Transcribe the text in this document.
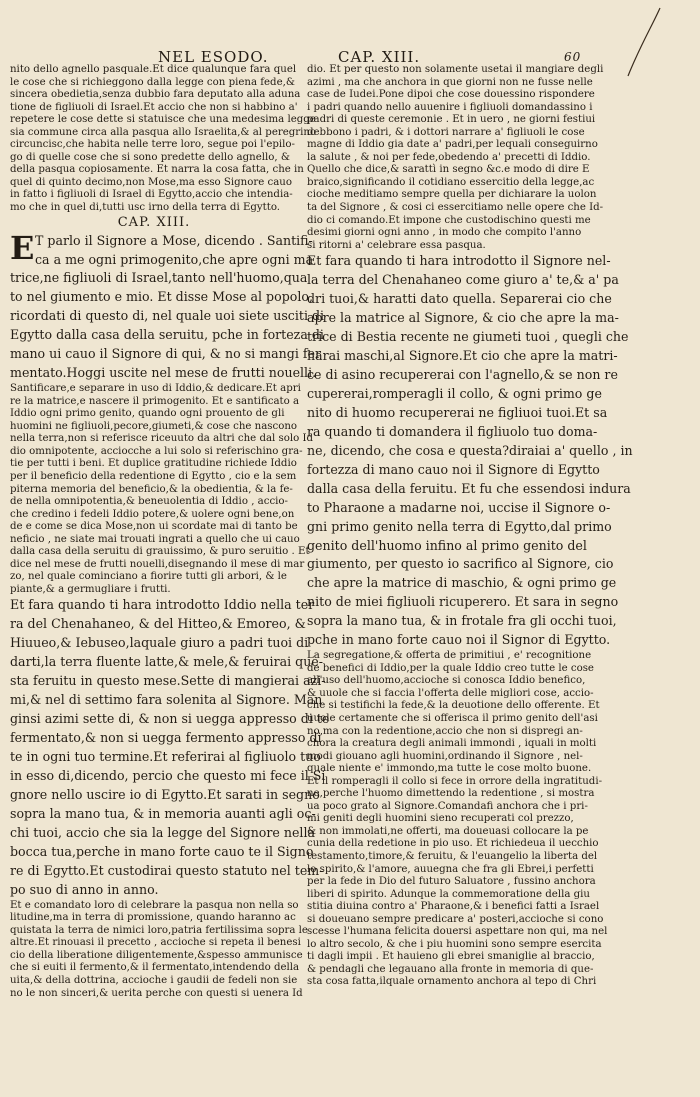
NEL ESODO.	CAP. XIII.	60

nito dello agnello pasquale.Et dice qualunque fara quel
le cose che si richieggono dalla legge con piena fede,&
sincera obedietia,senza dubbio fara deputato alla aduna
tione de figliuoli di Israel.Et accio che non si habbino a'
repetere le cose dette si statuisce che una medesima legge
sia commune circa alla pasqua allo Israelita,& al peregrino
circuncisc,che habita nelle terre loro, segue poi l'epilo-
go di quelle cose che si sono predette dello agnello, &
della pasqua copiosamente. Et narra la cosa fatta, che in
quel di quinto decimo,non Mose,ma esso Signore cauo
in fatto i figliuoli di Israel di Egytto,accio che intendia-
mo che in quel di,tutti usc irno della terra di Egytto.

CAP. XIII.
E T parlo il Signore a Mose, dicendo . Santifi-
ca a me ogni primogenito,che apre ogni ma

trice,ne figliuoli di Israel,tanto nell'huomo,qua
to nel giumento e mio. Et disse Mose al popolo,
ricordati di questo di, nel quale uoi siete usciti di
Egytto dalla casa della seruitu, pche in forteza di
mano ui cauo il Signore di qui, & no si mangi fer
mentato.Hoggi uscite nel mese de frutti nouelli.

Santificare,e separare in uso di Iddio,& dedicare.Et apri
re la matrice,e nascere il primogenito. Et e santificato a
Iddio ogni primo genito, quando ogni prouento de gli
huomini ne figliuoli,pecore,giumeti,& cose che nascono
nella terra,non si referisce riceuuto da altri che dal solo Id
dio omnipotente, acciocche a lui solo si referischino gra-
tie per tutti i beni. Et duplice gratitudine richiede Iddio
per il beneficio della redentione di Egytto , cio e la sem
piterna memoria del beneficio,& la obedientia, & la fe-
de nella omnipotentia,& beneuolentia di Iddio , accio-
che credino i fedeli Iddio potere,& uolere ogni bene,on
de e come se dica Mose,non ui scordate mai di tanto be
neficio , ne siate mai trouati ingrati a quello che ui cauo
dalla casa della seruitu di grauissimo, & puro seruitio . Et
dice nel mese de frutti nouelli,disegnando il mese di mar
zo, nel quale cominciano a fiorire tutti gli arbori, & le
piante,& a germugliare i frutti.

Et fara quando ti hara introdotto Iddio nella ter
ra del Chenahaneo, & del Hitteo,& Emoreo, &
Hiuueo,& Iebuseo,laquale giuro a padri tuoi di
darti,la terra fluente latte,& mele,& feruirai que-
sta feruitu in questo mese.Sette di mangierai azi-
mi,& nel di settimo fara solenita al Signore. Man
ginsi azimi sette di, & non si uegga appresso di te
fermentato,& non si uegga fermento appresso di
te in ogni tuo termine.Et referirai al figliuolo tuo
in esso di,dicendo, percio che questo mi fece il Si
gnore nello uscire io di Egytto.Et sarati in segno
sopra la mano tua, & in memoria auanti agli oc-
chi tuoi, accio che sia la legge del Signore nella
bocca tua,perche in mano forte cauo te il Signo
re di Egytto.Et custodirai questo statuto nel tem-
po suo di anno in anno.

Et e comandato loro di celebrare la pasqua non nella so
litudine,ma in terra di promissione, quando haranno ac
quistata la terra de nimici loro,patria fertilissima sopra le
altre.Et rinouasi il precetto , accioche si repeta il benesi
cio della liberatione diligentemente,&spesso ammunisce
che si euiti il fermento,& il fermentato,intendendo della
uita,& della dottrina, accioche i gaudii de fedeli non sie
no le non sinceri,& uerita perche con questi si uenera Id

dio. Et per questo non solamente usetai il mangiare degli
azimi , ma che anchora in que giorni non ne fusse nelle
case de Iudei.Pone dipoi che cose douessino rispondere
i padri quando nello auuenire i figliuoli domandassino i
padri di queste ceremonie . Et in uero , ne giorni festiui
debbono i padri, & i dottori narrare a' figliuoli le cose
magne di Iddio gia date a' padri,per lequali conseguirno
la salute , & noi per fede,obedendo a' precetti di Iddio.
Quello che dice,& sarattì in segno &c.e modo di dire E
braico,significando il cotidiano essercitio della legge,ac
cioche meditiamo sempre quella per dichiarare la uolon
ta del Signore , & cosi ci essercitiamo nelle opere che Id-
dio ci comando.Et impone che custodischino questi me
desimi giorni ogni anno , in modo che compito l'anno
si ritorni a' celebrare essa pasqua.

Et fara quando ti hara introdotto il Signore nel-
la terra del Chenahaneo come giuro a' te,& a' pa
dri tuoi,& haratti dato quella. Separerai cio che
apre la matrice al Signore, & cio che apre la ma-
trice di Bestia recente ne giumeti tuoi , quegli che
harai maschi,al Signore.Et cio che apre la matri-
ce di asino recupererai con l'agnello,& se non re
cupererai,romperagli il collo, & ogni primo ge
nito di huomo recupererai ne figliuoi tuoi.Et sa
ra quando ti domandera il figliuolo tuo doma-
ne, dicendo, che cosa e questa?diraiai a' quello , in
fortezza di mano cauo noi il Signore di Egytto
dalla casa della feruitu. Et fu che essendosi indura
to Pharaone a madarne noi, uccise il Signore o-
gni primo genito nella terra di Egytto,dal primo
genito dell'huomo infino al primo genito del
giumento, per questo io sacrifico al Signore, cio
che apre la matrice di maschio, & ogni primo ge
nito de miei figliuoli ricuperero. Et sara in segno
sopra la mano tua, & in frotale fra gli occhi tuoi,
pche in mano forte cauo noi il Signor di Egytto.

La segregatione,& offerta de primitiui , e' recognitione
de benefici di Iddio,per la quale Iddio creo tutte le cose
all'uso dell'huomo,accioche si conosca Iddio benefico,
& uuole che si faccia l'offerta delle migliori cose, accio-
che si testifichi la fede,& la deuotione dello offerente. Et
uuole certamente che si offerisca il primo genito dell'asi
no,ma con la redentione,accio che non si dispregi an-
chora la creatura degli animali immondi , iquali in molti
modi giouano agli huomini,ordinando il Signore , nel-
quale niente e' immondo,ma tutte le cose molto buone.
Et il romperagli il collo si fece in orrore della ingratitudi-
ne,perche l'huomo dimettendo la redentione , si mostra
ua poco grato al Signore.Comandafi anchora che i pri-
mi geniti degli huomini sieno recuperati col prezzo,
& non immolati,ne offerti, ma doueuasi collocare la pe
cunia della redetione in pio uso. Et richiedeua il uecchio
testamento,timore,& feruitu, & l'euangelio la liberta del
lo spirito,& l'amore, auuegna che fra gli Ebrei,i perfetti
per la fede in Dio del futuro Saluatore , fussino anchora
liberi di spirito. Adunque la commemoratione della giu
stitia diuina contro a' Pharaone,& i benefici fatti a Israel
si doueuano sempre predicare a' posteri,accioche si cono
scesse l'humana felicita douersi aspettare non qui, ma nel
lo altro secolo, & che i piu huomini sono sempre esercita
ti dagli impii . Et hauieno gli ebrei smaniglie al braccio,
& pendagli che legauano alla fronte in memoria di que-
sta cosa fatta,ilquale ornamento anchora al tepo di Chri
